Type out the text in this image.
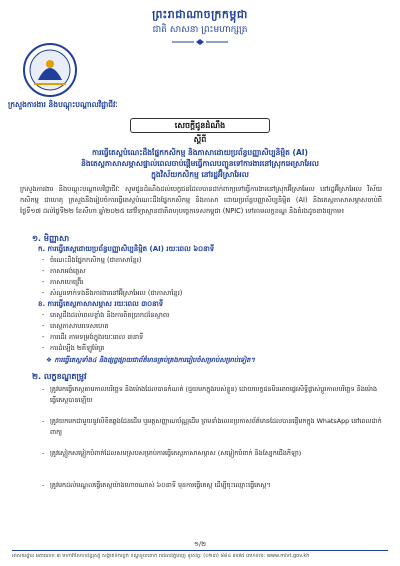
ព្រះរាជាណាចក្រកម្ពុជា
ជាតិ សាសនា ព្រះមហាក្សត្រ
ក្រសួងការងារ និងបណ្តុះបណ្តាលវិជ្ជាជីវៈ
សេចក្តីជូនដំណឹង
ស្តីពី
ការធ្វើតេស្តបំណេះដឹងផ្នែកកសិកម្ម និងភាសាដោយប្រព័ន្ធបញ្ញាសិប្បនិម្មិត (AI)
និងតេស្តភាសាសម្ភាសផ្ទាល់ពេលចាប់ផ្តើមធ្វើកាលបញ្ជូនទៅការងារនៅស្រុកអេស្រាអែល
ក្នុងវិស័យកសិកម្ម នៅរដ្ឋអ៊ីស្រាអែល
ក្រសួងការងារ និងបណ្តុះបណ្តាលវិជ្ជាជីវៈ សូមជូនដំណឹងដល់បេក្ខជនដែលបានដាក់ពាក្យទៅធ្វើការងារនៅស្រុកអ៊ីស្រាអែល នៅរដ្ឋអ៊ីស្រាអែល វិស័យកសិកម្ម ជាហេតុ ក្រសួងនឹងរៀបចំការធ្វើតេស្តបំណេះដឹងផ្នែកកសិកម្ម និងភាសា ដោយប្រព័ន្ធបញ្ញាសិប្បនិម្មិត (AI) និងតេស្តភាសាសម្ភាសចាប់ពីថ្ងៃទី១៧ ដល់ថ្ងៃទី២២ ខែសីហា ឆ្នាំ២០២៥ នៅវិទ្យាស្ថានជាតិពហុបច្ចេកទេសកម្ពុជា (NPIC) ទៅតាមលក្ខខណ្ឌ និងតំរងដូចខាងក្រោម៖
១. មិញ្ញាសា
ក. ការធ្វើតេស្តដោយប្រព័ន្ធបញ្ញាសិប្បនិម្មិត (AI) រយៈពេល ៦០នាទី
- ចំណេះដឹងផ្នែកកសិកម្ម (ជាភាសាខ្មែរ)
- ភាសាអង់គ្លេស
- ភាសាហេព្រ៊ើរ
- សំណួរទាក់ទងនឹងការងារនៅអ៊ីស្រាអែល (ជាភាសាខ្មែរ)
ខ. ការធ្វើតេស្តភាសាសម្ភាស រយៈពេល ៣០នាទី
- តេស្តដឹងដល់ពេលខ្លាំង និងការពិតប្រាកដនៃស្ថាពរ
- តេស្តភាសាបរទេសហេត
- ការដើរ តាមទម្រង់ក្នុងរយៈពេល ៣នាទី
- ការដំឡើង ២គីឡូម៉ែត្រ
❖ ការធ្វើតេស្តទាំង៤ និងផ្សព្វផ្សាយជាព័ត៌មានគ្រប់គ្រងការរៀបចំសម្រាប់សម្រាប់ទៀត។
២. លក្ខខណ្ឌតម្រូវ
- ត្រូវមកធ្វើតេស្តតាមកាលបរិច្ឆេទ និងម៉ោងដែលបានកំណត់ (ជួយមកក្នុងរបស់ខ្លួន) ដោយបេក្ខជនមិនអាចផ្ទេរសិទ្ធិផ្លាស់ប្តូរកាលបរិច្ឆេទ និងម៉ោងធ្វើតេស្តបានឡើយ
- ត្រូវយកមកជាមួយនូវលិខិតឆ្លងដែនដើម ឬអត្តសញ្ញាណប័ណ្ណដើម ព្រមទាំងលេខប្រកាសព័ត៌មានដែលបានផ្ញើមកក្នុង WhatsApp នៅពេលដាក់ពាក្យ
- ត្រូវស្លៀកសម្លៀកបំពាក់ដែលសមស្របសម្រាប់ការធ្វើតេស្តភាសាសម្ភាស (សម្លៀកបំពាក់ និងស្បែកជើងកីឡា)
- ត្រូវមកដល់មណ្ឌលធ្វើតេស្តយ៉ាងហោចណាស់ ៦០នាទី មុនការធ្វើតេស្ត ដើម្បីចុះឈ្មោះធ្វើតេស្ត។
១/២
អាសយដ្ឋាន អគារលេខ ៣ មហាវិថីសហព័ន្ធរុស្ស៊ី សង្កាត់ទឹកល្អក់ ខណ្ឌទួលគោក រាជធានីភ្នំពេញ ទូរស័ព្ទ: (០២៣) ៨៨៤ ៣៧៥ គេហទំព័រ: www.mlvt.gov.kh
